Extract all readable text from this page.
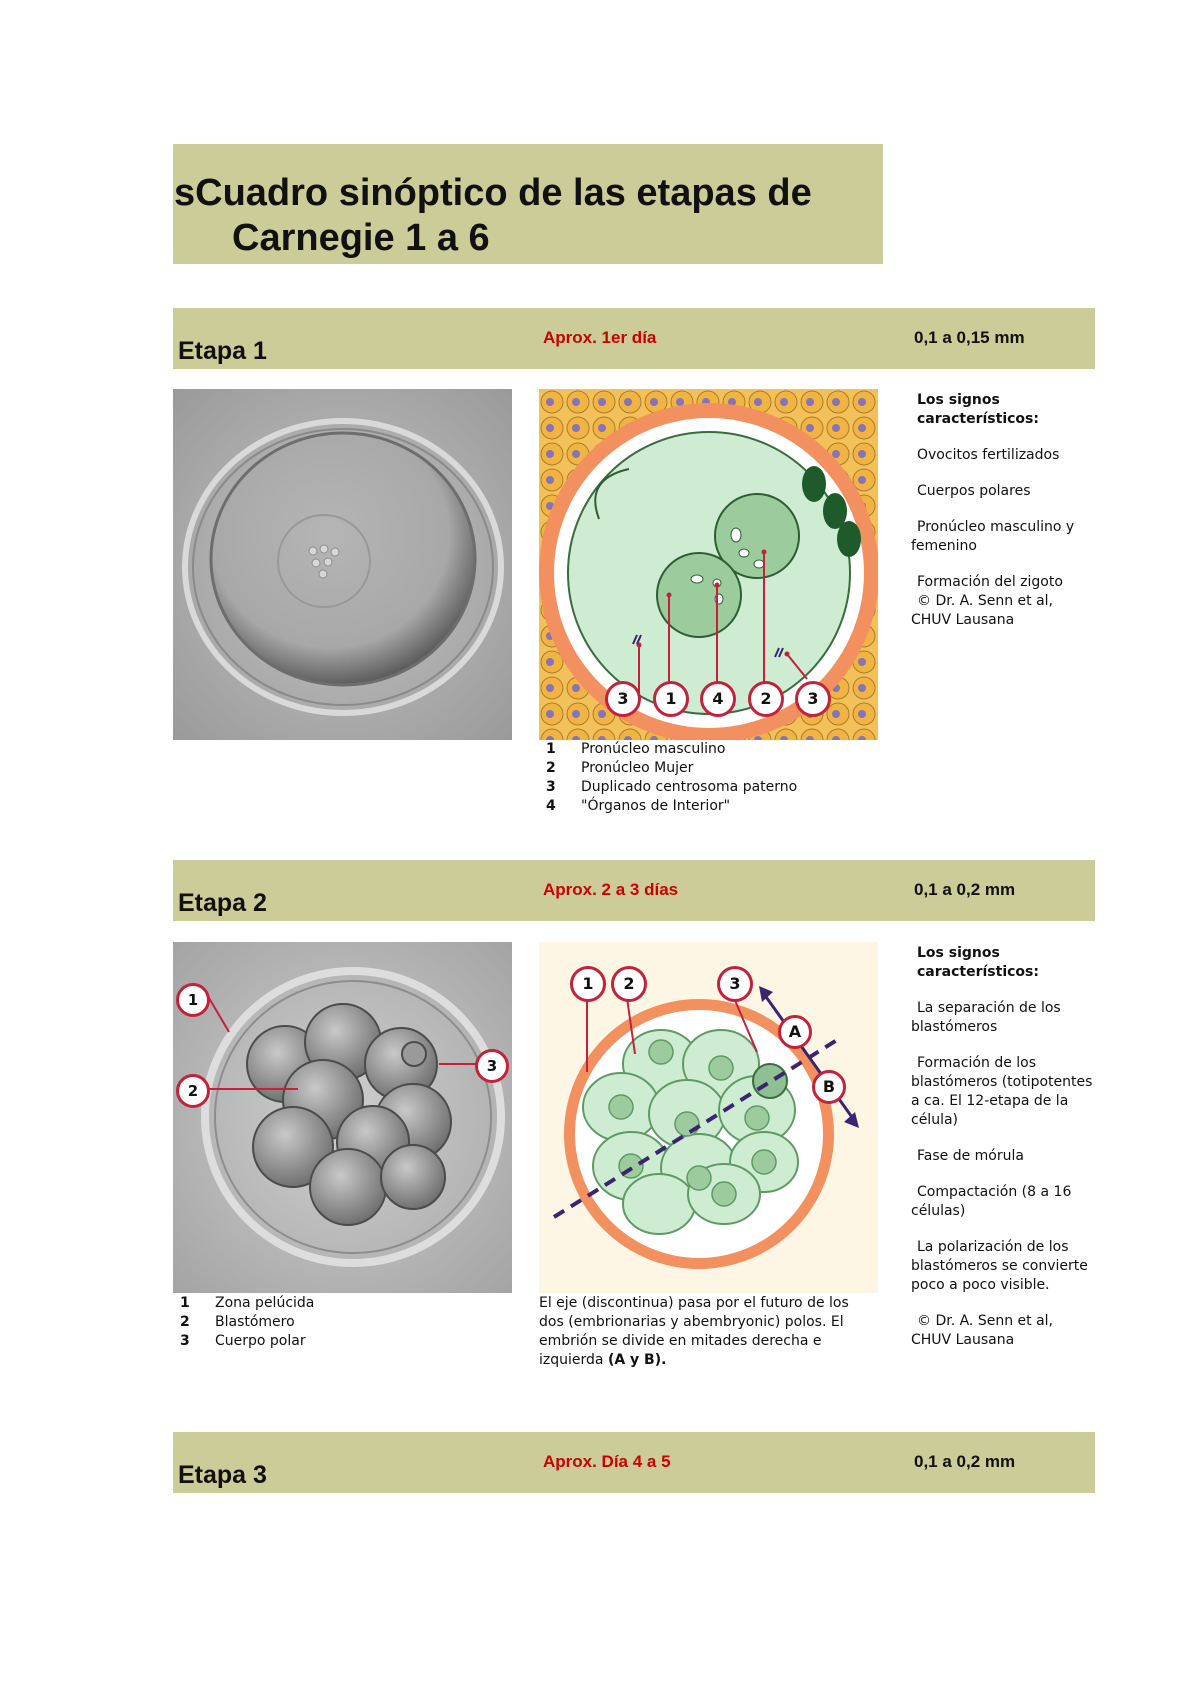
sCuadro sinóptico de las etapas de
Carnegie 1 a 6
Etapa 1	Aprox. 1er día	0,1 a 0,15 mm
3	1	4	2	3
1	Pronúcleo masculino
2	Pronúcleo Mujer
3	Duplicado centrosoma paterno
4	"Órganos de Interior"

Los signos característicos:

Ovocitos fertilizados

Cuerpos polares

Pronúcleo masculino y femenino

Formación del zigoto

© Dr. A. Senn et al,

CHUV Lausana

Etapa 2	Aprox. 2 a 3 días	0,1 a 0,2 mm
1
2
3
1	Zona pelúcida
2	Blastómero
3	Cuerpo polar
1	2	3
A
B
El eje (discontinua) pasa por el futuro de los dos (embrionarias y abembryonic) polos. El embrión se divide en mitades derecha e izquierda (A y B).

Los signos característicos:

La separación de los blastómeros

Formación de los blastómeros (totipotentes a ca. El 12-etapa de la célula)

Fase de mórula

Compactación (8 a 16 células)

La polarización de los blastómeros se convierte poco a poco visible.

© Dr. A. Senn et al,

CHUV Lausana

Etapa 3	Aprox. Día 4 a 5	0,1 a 0,2 mm
